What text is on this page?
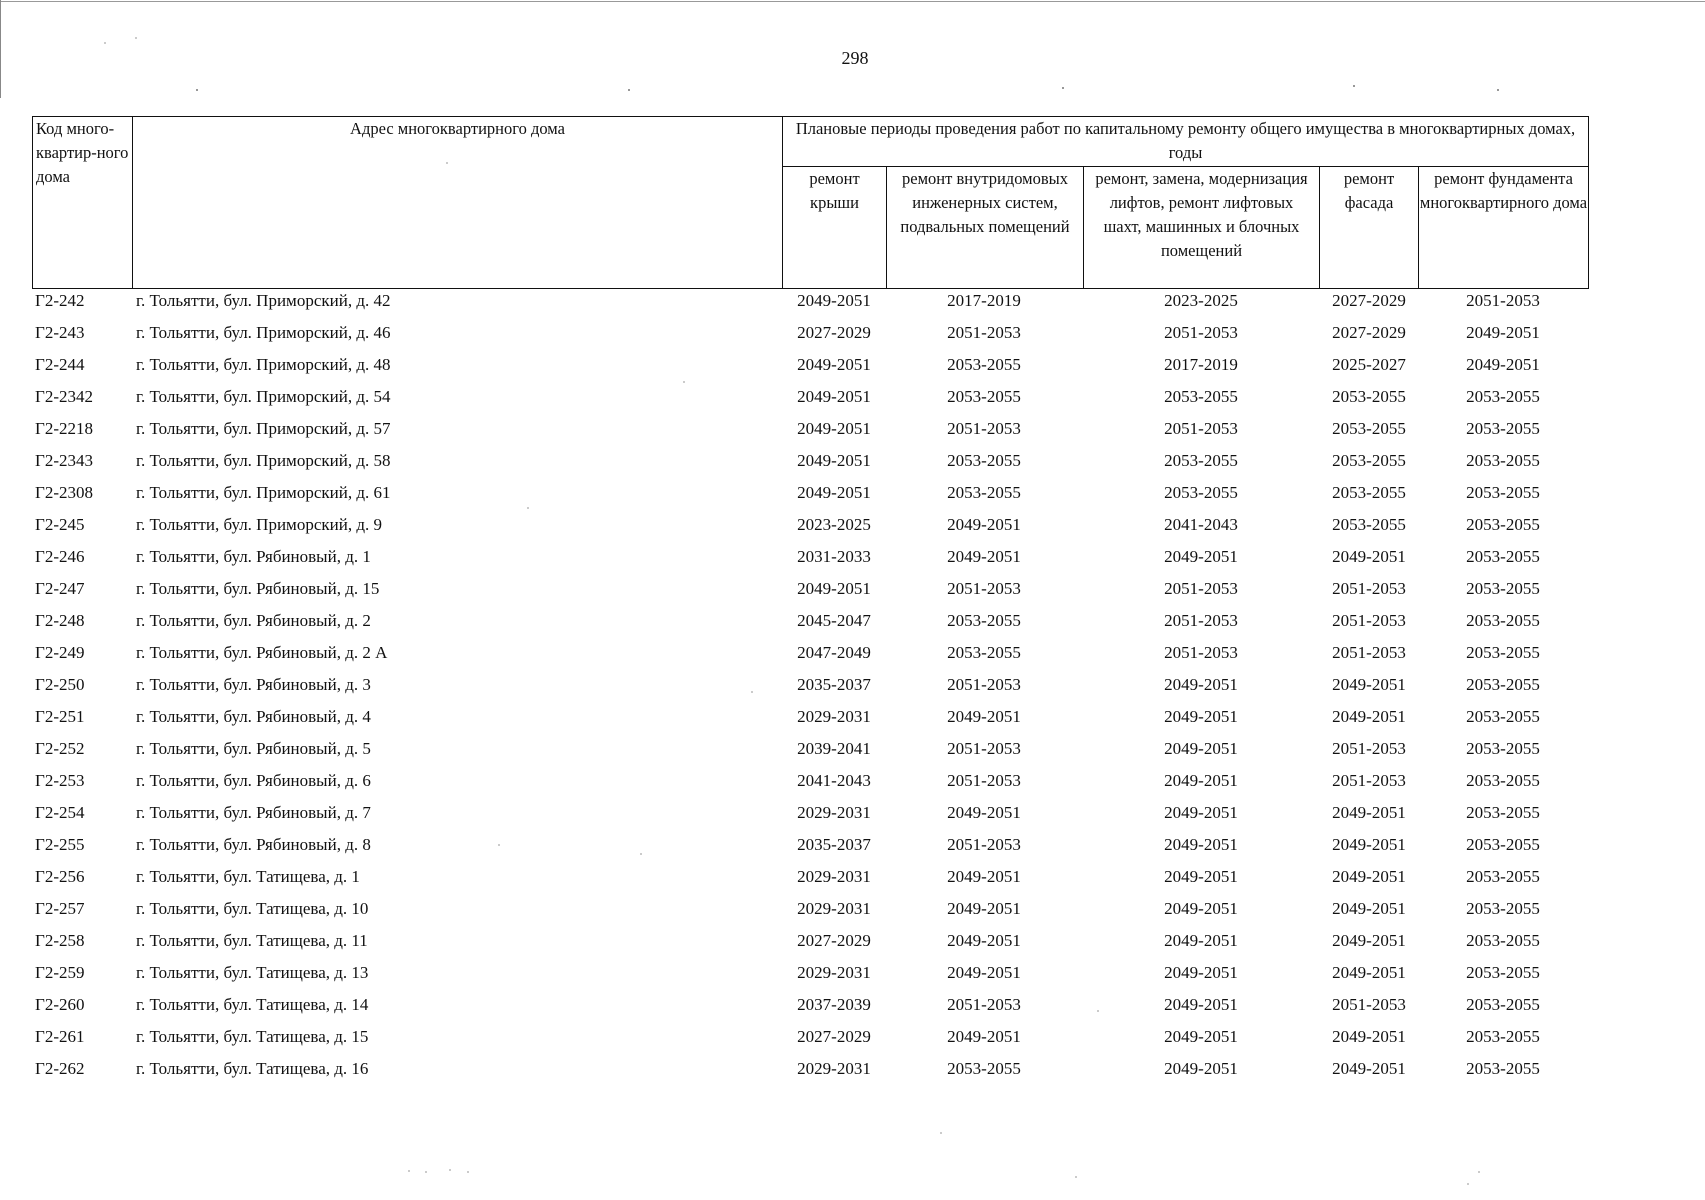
298
Код много-квартир-ного дома	Адрес многоквартирного дома	Плановые периоды проведения работ по капитальному ремонту общего имущества в многоквартирных домах, годы				
		ремонт крыши	ремонт внутридомовых инженерных систем, подвальных помещений	ремонт, замена, модернизация лифтов, ремонт лифтовых шахт, машинных и блочных помещений	ремонт фасада	ремонт фундамента многоквартирного дома
Г2-242	г. Тольятти, бул. Приморский, д. 42	2049-2051	2017-2019	2023-2025	2027-2029	2051-2053
Г2-243	г. Тольятти, бул. Приморский, д. 46	2027-2029	2051-2053	2051-2053	2027-2029	2049-2051
Г2-244	г. Тольятти, бул. Приморский, д. 48	2049-2051	2053-2055	2017-2019	2025-2027	2049-2051
Г2-2342	г. Тольятти, бул. Приморский, д. 54	2049-2051	2053-2055	2053-2055	2053-2055	2053-2055
Г2-2218	г. Тольятти, бул. Приморский, д. 57	2049-2051	2051-2053	2051-2053	2053-2055	2053-2055
Г2-2343	г. Тольятти, бул. Приморский, д. 58	2049-2051	2053-2055	2053-2055	2053-2055	2053-2055
Г2-2308	г. Тольятти, бул. Приморский, д. 61	2049-2051	2053-2055	2053-2055	2053-2055	2053-2055
Г2-245	г. Тольятти, бул. Приморский, д. 9	2023-2025	2049-2051	2041-2043	2053-2055	2053-2055
Г2-246	г. Тольятти, бул. Рябиновый, д. 1	2031-2033	2049-2051	2049-2051	2049-2051	2053-2055
Г2-247	г. Тольятти, бул. Рябиновый, д. 15	2049-2051	2051-2053	2051-2053	2051-2053	2053-2055
Г2-248	г. Тольятти, бул. Рябиновый, д. 2	2045-2047	2053-2055	2051-2053	2051-2053	2053-2055
Г2-249	г. Тольятти, бул. Рябиновый, д. 2 А	2047-2049	2053-2055	2051-2053	2051-2053	2053-2055
Г2-250	г. Тольятти, бул. Рябиновый, д. 3	2035-2037	2051-2053	2049-2051	2049-2051	2053-2055
Г2-251	г. Тольятти, бул. Рябиновый, д. 4	2029-2031	2049-2051	2049-2051	2049-2051	2053-2055
Г2-252	г. Тольятти, бул. Рябиновый, д. 5	2039-2041	2051-2053	2049-2051	2051-2053	2053-2055
Г2-253	г. Тольятти, бул. Рябиновый, д. 6	2041-2043	2051-2053	2049-2051	2051-2053	2053-2055
Г2-254	г. Тольятти, бул. Рябиновый, д. 7	2029-2031	2049-2051	2049-2051	2049-2051	2053-2055
Г2-255	г. Тольятти, бул. Рябиновый, д. 8	2035-2037	2051-2053	2049-2051	2049-2051	2053-2055
Г2-256	г. Тольятти, бул. Татищева, д. 1	2029-2031	2049-2051	2049-2051	2049-2051	2053-2055
Г2-257	г. Тольятти, бул. Татищева, д. 10	2029-2031	2049-2051	2049-2051	2049-2051	2053-2055
Г2-258	г. Тольятти, бул. Татищева, д. 11	2027-2029	2049-2051	2049-2051	2049-2051	2053-2055
Г2-259	г. Тольятти, бул. Татищева, д. 13	2029-2031	2049-2051	2049-2051	2049-2051	2053-2055
Г2-260	г. Тольятти, бул. Татищева, д. 14	2037-2039	2051-2053	2049-2051	2051-2053	2053-2055
Г2-261	г. Тольятти, бул. Татищева, д. 15	2027-2029	2049-2051	2049-2051	2049-2051	2053-2055
Г2-262	г. Тольятти, бул. Татищева, д. 16	2029-2031	2053-2055	2049-2051	2049-2051	2053-2055
